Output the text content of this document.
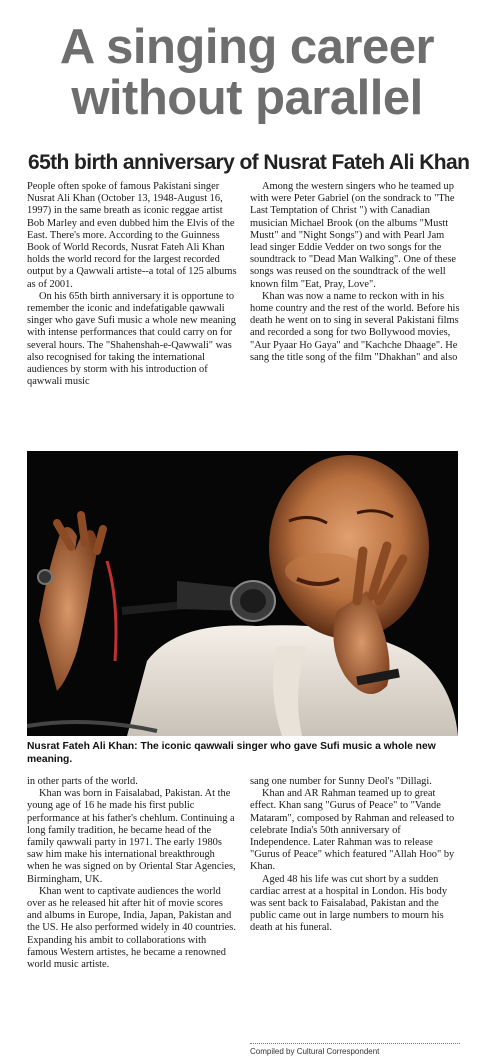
A singing career
without parallel
65th birth anniversary of Nusrat Fateh Ali Khan

People often spoke of famous Pakistani singer Nusrat Ali Khan (October 13, 1948-August 16, 1997) in the same breath as iconic reggae artist Bob Marley and even dubbed him the Elvis of the East. There's more. According to the Guinness Book of World Records, Nusrat Fateh Ali Khan holds the world record for the largest recorded output by a Qawwali artiste--a total of 125 albums as of 2001.

On his 65th birth anniversary it is opportune to remember the iconic and indefatigable qawwali singer who gave Sufi music a whole new meaning with intense performances that could carry on for several hours. The "Shahenshah-e-Qawwali" was also recognised for taking the international audiences by storm with his introduction of qawwali music

Among the western singers who he teamed up with were Peter Gabriel (on the sondrack to "The Last Temptation of Christ ") with Canadian musician Michael Brook (on the albums "Mustt Mustt" and "Night Songs") and with Pearl Jam lead singer Eddie Vedder on two songs for the soundtrack to "Dead Man Walking". One of these songs was reused on the soundtrack of the well known film "Eat, Pray, Love".

Khan was now a name to reckon with in his home country and the rest of the world. Before his death he went on to sing in several Pakistani films and recorded a song for two Bollywood movies, "Aur Pyaar Ho Gaya" and "Kachche Dhaage". He sang the title song of the film "Dhakhan" and also

Nusrat Fateh Ali Khan: The iconic qawwali singer who gave Sufi music a whole new meaning.

in other parts of the world.

Khan was born in Faisalabad, Pakistan. At the young age of 16 he made his first public performance at his father's chehlum. Continuing a long family tradition, he became head of the family qawwali party in 1971. The early 1980s saw him make his international breakthrough when he was signed on by Oriental Star Agencies, Birmingham, UK.

Khan went to captivate audiences the world over as he released hit after hit of movie scores and albums in Europe, India, Japan, Pakistan and the US. He also performed widely in 40 countries. Expanding his ambit to collaborations with famous Western artistes, he became a renowned world music artiste.

sang one number for Sunny Deol's "Dillagi.

Khan and AR Rahman teamed up to great effect. Khan sang "Gurus of Peace" to "Vande Mataram", composed by Rahman and released to celebrate India's 50th anniversary of Independence. Later Rahman was to release "Gurus of Peace" which featured "Allah Hoo" by Khan.

Aged 48 his life was cut short by a sudden cardiac arrest at a hospital in London. His body was sent back to Faisalabad, Pakistan and the public came out in large numbers to mourn his death at his funeral.

Compiled by Cultural Correspondent
